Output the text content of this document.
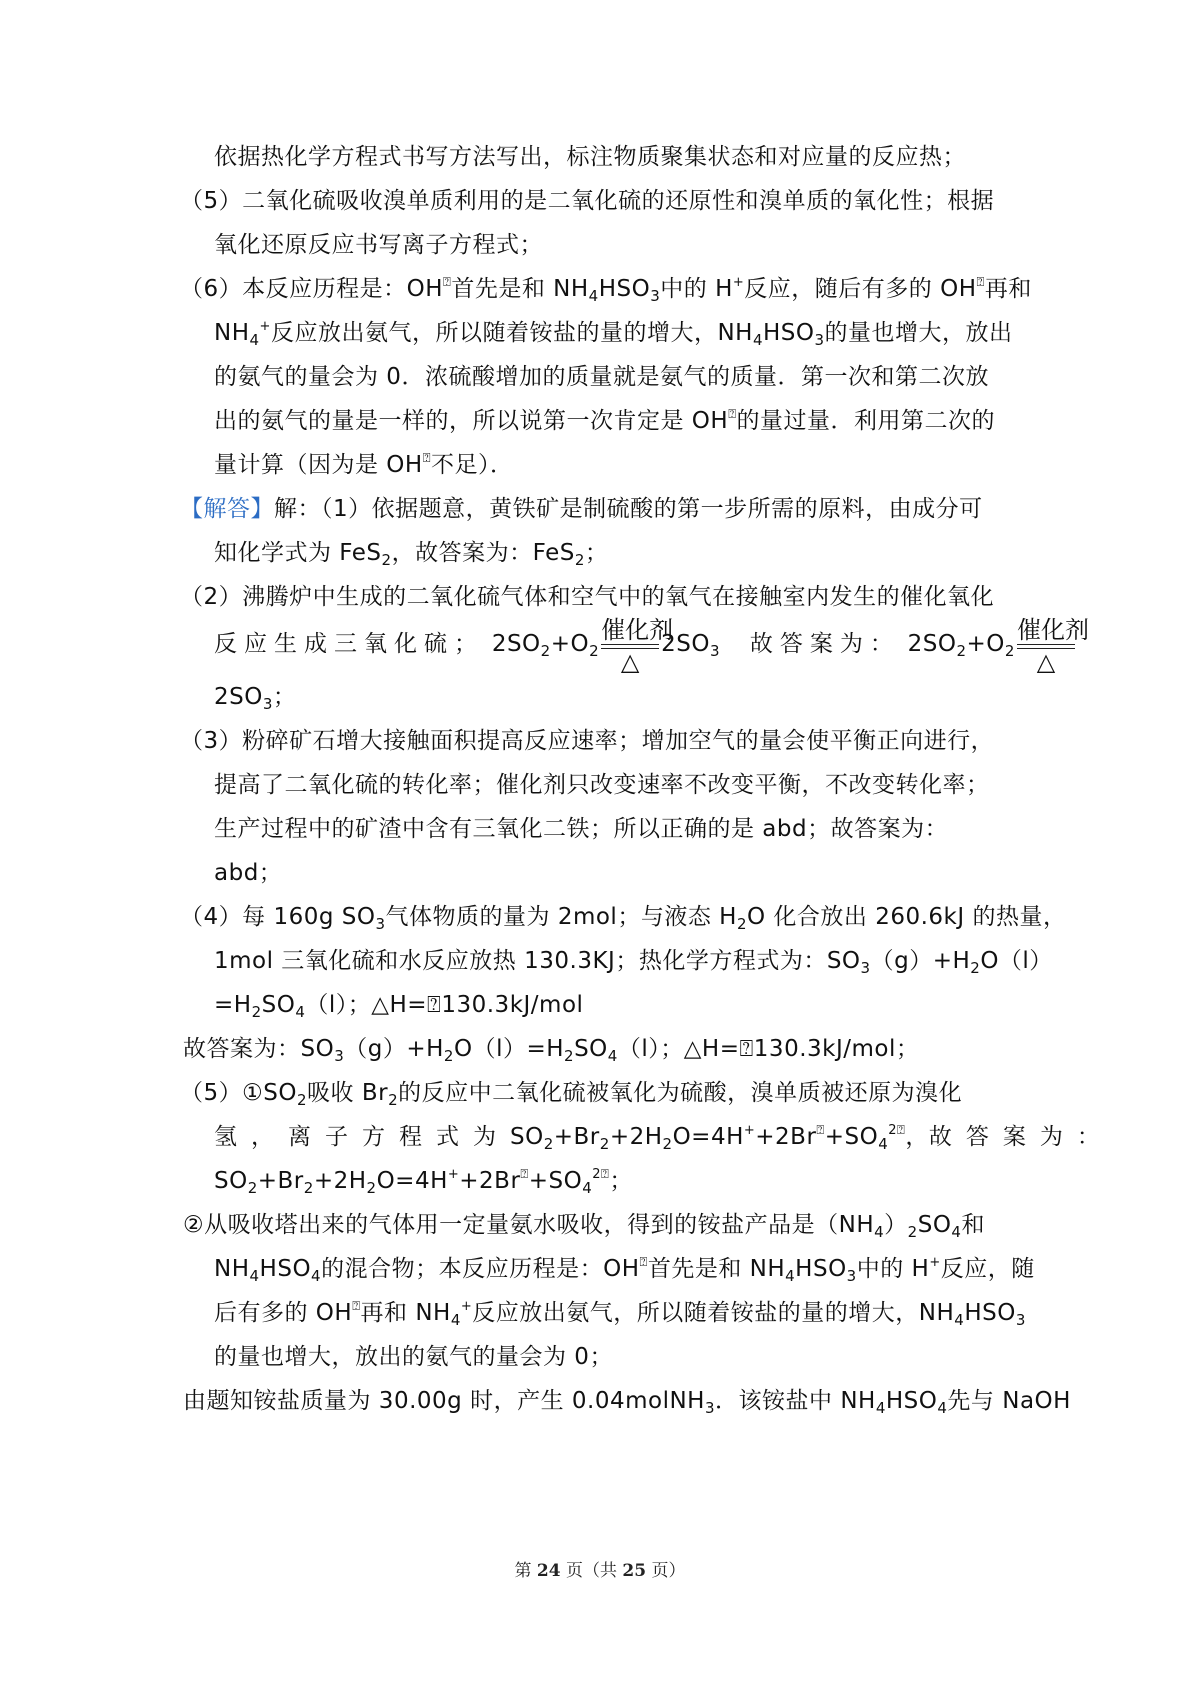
依据热化学方程式书写方法写出，标注物质聚集状态和对应量的反应热；
（5）二氧化硫吸收溴单质利用的是二氧化硫的还原性和溴单质的氧化性；根据
氧化还原反应书写离子方程式；
（6）本反应历程是：OH⍰首先是和 $NH_4HSO_3$中的 H+反应，随后有多的 OH⍰再和
$NH_4^+$反应放出氨气，所以随着铵盐的量的增大，$NH_4HSO_3$的量也增大，放出
的氨气的量会为 0．浓硫酸增加的质量就是氨气的质量．第一次和第二次放
出的氨气的量是一样的，所以说第一次肯定是 OH⍰的量过量．利用第二次的
量计算（因为是 OH⍰不足）．
【解答】解：（1）依据题意，黄铁矿是制硫酸的第一步所需的原料，由成分可
知化学式为 FeS$_2$，故答案为：FeS$_2$；
（2）沸腾炉中生成的二氧化硫气体和空气中的氧气在接触室内发生的催化氧化
反应生成三氧化硫； $2SO_2+O_2$
催化剂
△
$2SO_3$ 故答案为： $2SO_2+O_2$
催化剂
△
$2SO_3$；
（3）粉碎矿石增大接触面积提高反应速率；增加空气的量会使平衡正向进行，
提高了二氧化硫的转化率；催化剂只改变速率不改变平衡，不改变转化率；
生产过程中的矿渣中含有三氧化二铁；所以正确的是 abd；故答案为：
abd；
（4）每 160g $SO_3$气体物质的量为 2mol；与液态 $H_2O$ 化合放出 260.6kJ 的热量，
1mol 三氧化硫和水反应放热 130.3KJ；热化学方程式为：$SO_3(g)+H_2O(l)$
$=H_2SO_4(l)$；△H=⍰130.3kJ/mol
故答案为：$SO_3(g)+H_2O(l)=H_2SO_4(l)$；△H=⍰130.3kJ/mol；
$(5)①SO_2$吸收 $Br_2$的反应中二氧化硫被氧化为硫酸，溴单质被还原为溴化
氢，离子方程式为 $SO_2+Br_2+2H_2O=4H^++2Br^⍰+SO_4^{2⍰}$， 故答案为：
$SO_2+Br_2+2H_2O=4H^++2Br^⍰+SO_4^{2⍰}$；
②从吸收塔出来的气体用一定量氨水吸收，得到的铵盐产品是$(NH_4)_2SO_4$和
$NH_4HSO_4$的混合物；本反应历程是：OH⍰首先是和 $NH_4HSO_3$中的 H+反应，随
后有多的 OH⍰再和 $NH_4^+$反应放出氨气，所以随着铵盐的量的增大，$NH_4HSO_3$
的量也增大，放出的氨气的量会为 0；
由题知铵盐质量为 30.00g 时，产生 0.04molNH$_3$．该铵盐中 $NH_4HSO_4$先与 NaOH
第 24 页（共 25 页）
